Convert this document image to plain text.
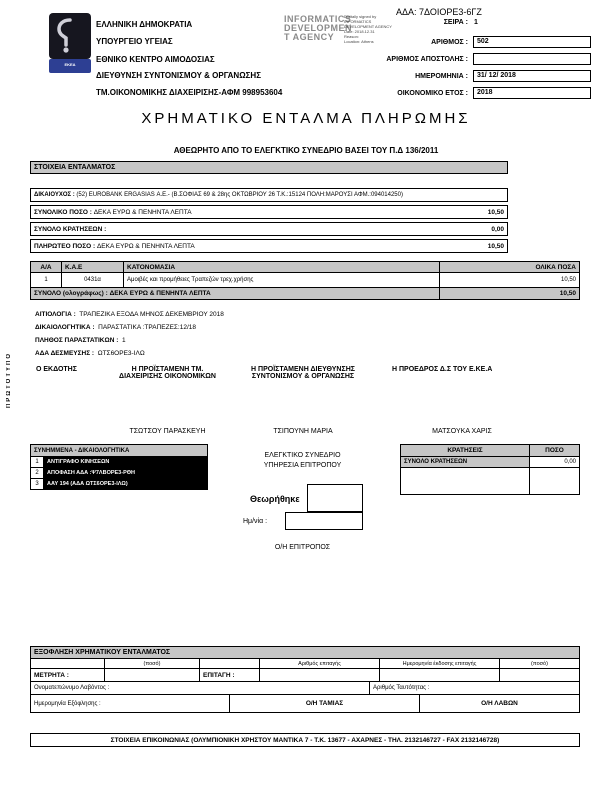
ΑΔΑ: 7ΔΟΙΟΡΕ3-6ΓΖ
ΕΚΕΑ
ΕΛΛΗΝΙΚΗ ΔΗΜΟΚΡΑΤΙΑ
ΥΠΟΥΡΓΕΙΟ ΥΓΕΙΑΣ
ΕΘΝΙΚΟ ΚΕΝΤΡΟ ΑΙΜΟΔΟΣΙΑΣ
ΔΙΕΥΘΥΝΣΗ ΣΥΝΤΟΝΙΣΜΟΥ & ΟΡΓΑΝΩΣΗΣ
ΤΜ.ΟΙΚΟΝΟΜΙΚΗΣ ΔΙΑΧΕΙΡΙΣΗΣ-ΑΦΜ 998953604
INFORMATICS
DEVELOPMEN
T AGENCY
Digitally signed by
INFORMATICS
DEVELOPMENT AGENCY
Date: 2018.12.31
Reason:
Location: Athens
ΣΕΙΡΑ : 1
ΑΡΙΘΜΟΣ :	502
ΑΡΙΘΜΟΣ ΑΠΟΣΤΟΛΗΣ :
ΗΜΕΡΟΜΗΝΙΑ :	31/ 12/ 2018
ΟΙΚΟΝΟΜΙΚΟ ΕΤΟΣ :	2018
ΧΡΗΜΑΤΙΚΟ ΕΝΤΑΛΜΑ ΠΛΗΡΩΜΗΣ
ΑΘΕΩΡΗΤΟ ΑΠΟ ΤΟ ΕΛΕΓΚΤΙΚΟ ΣΥΝΕΔΡΙΟ ΒΑΣΕΙ ΤΟΥ Π.Δ 136/2011
ΣΤΟΙΧΕΙΑ ΕΝΤΑΛΜΑΤΟΣ
ΔΙΚΑΙΟΥΧΟΣ :
(52) EUROBANK ERGASIAS Α.Ε.- (Β.ΣΟΦΙΑΣ 69 & 28ης ΟΚΤΩΒΡΙΟΥ 26 Τ.Κ.:15124 ΠΟΛΗ:ΜΑΡΟΥΣΙ ΑΦΜ.:094014250)
ΣΥΝΟΛΙΚΟ ΠΟΣΟ :
ΔΕΚΑ ΕΥΡΩ & ΠΕΝΗΝΤΑ ΛΕΠΤΑ	10,50
ΣΥΝΟΛΟ ΚΡΑΤΗΣΕΩΝ :	0,00
ΠΛΗΡΩΤΕΟ ΠΟΣΟ :
ΔΕΚΑ ΕΥΡΩ & ΠΕΝΗΝΤΑ ΛΕΠΤΑ	10,50
Α/Α	Κ.Α.Ε	ΚΑΤΟΝΟΜΑΣΙΑ	ΟΛΙΚΑ ΠΟΣΑ
1	0431α	Αμοιβές και προμήθειες Τραπεζών τρεχ.χρήσης	10,50
ΣΥΝΟΛΟ (ολογράφως) :
ΔΕΚΑ ΕΥΡΩ & ΠΕΝΗΝΤΑ ΛΕΠΤΑ	10,50
ΑΙΤΙΟΛΟΓΙΑ : ΤΡΑΠΕΖΙΚΑ ΕΞΟΔΑ ΜΗΝΟΣ ΔΕΚΕΜΒΡΙΟΥ 2018
ΔΙΚΑΙΟΛΟΓΗΤΙΚΑ : ΠΑΡΑΣΤΑΤΙΚΑ :ΤΡΑΠΕΖΕΣ:12/18
ΠΛΗΘΟΣ ΠΑΡΑΣΤΑΤΙΚΩΝ : 1
ΑΔΑ ΔΕΣΜΕΥΣΗΣ : ΩΤΣ6ΟΡΕ3-ΙΛΩ
ΠΡΩΤΟΤΥΠΟ	Ο ΕΚΔΟΤΗΣ	Η ΠΡΟΪΣΤΑΜΕΝΗ ΤΜ.
ΔΙΑΧΕΙΡΙΣΗΣ ΟΙΚΟΝΟΜΙΚΩΝ
Η ΠΡΟΪΣΤΑΜΕΝΗ ΔΙΕΥΘΥΝΣΗΣ
ΣΥΝΤΟΝΙΣΜΟΥ & ΟΡΓΑΝΩΣΗΣ
Η ΠΡΟΕΔΡΟΣ Δ.Σ ΤΟΥ Ε.ΚΕ.Α
ΤΣΩΤΣΟΥ ΠΑΡΑΣΚΕΥΗ	ΤΣΙΠΟΥΝΗ ΜΑΡΙΑ	ΜΑΤΣΟΥΚΑ ΧΑΡΙΣ
ΣΥΝΗΜΜΕΝΑ - ΔΙΚΑΙΟΛΟΓΗΤΙΚΑ
1	ΑΝΤΙΓΡΑΦΟ ΚΙΝΗΣΕΩΝ
2	ΑΠΟΦΑΣΗ ΑΔΑ :Ψ7ΛΒΟΡΕ3-ΡΘΗ
3	ΑΑΥ 194 (ΑΔΑ ΩΤΣ6ΟΡΕ3-ΙΛΩ)
ΕΛΕΓΚΤΙΚΟ ΣΥΝΕΔΡΙΟ
ΥΠΗΡΕΣΙΑ ΕΠΙΤΡΟΠΟΥ
Θεωρήθηκε
Ημ/νία :
Ο/Η ΕΠΙΤΡΟΠΟΣ
ΚΡΑΤΗΣΕΙΣ	ΠΟΣΟ
ΣΥΝΟΛΟ ΚΡΑΤΗΣΕΩΝ	0,00
ΕΞΟΦΛΗΣΗ ΧΡΗΜΑΤΙΚΟΥ ΕΝΤΑΛΜΑΤΟΣ
(ποσό)	Αριθμός επιταγής	Ημερομηνία έκδοσης επιταγής	(ποσό)
ΜΕΤΡΗΤΑ :	ΕΠΙΤΑΓΗ :
Ονοματεπώνυμο Λαβόντος :	Αριθμός Ταυτότητας :
Ημερομηνία Εξόφλησης :	Ο/Η ΤΑΜΙΑΣ	Ο/Η ΛΑΒΩΝ
ΣΤΟΙΧΕΙΑ ΕΠΙΚΟΙΝΩΝΙΑΣ (ΟΛΥΜΠΙΟΝΙΚΗ ΧΡΗΣΤΟΥ ΜΑΝΤΙΚΑ 7 - Τ.Κ. 13677 - ΑΧΑΡΝΕΣ - ΤΗΛ. 2132146727 - FAX 2132146728)
